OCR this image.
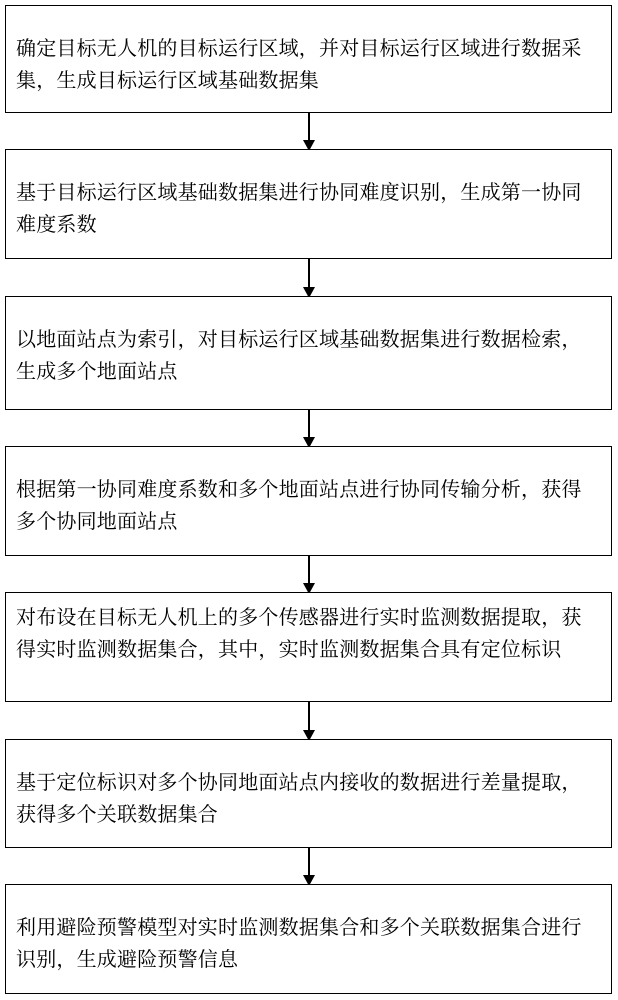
确定目标无人机的目标运行区域，并对目标运行区域进行数据采集，生成目标运行区域基础数据集

基于目标运行区域基础数据集进行协同难度识别，生成第一协同难度系数

以地面站点为索引，对目标运行区域基础数据集进行数据检索，生成多个地面站点

根据第一协同难度系数和多个地面站点进行协同传输分析，获得多个协同地面站点

对布设在目标无人机上的多个传感器进行实时监测数据提取，获得实时监测数据集合，其中，实时监测数据集合具有定位标识

基于定位标识对多个协同地面站点内接收的数据进行差量提取，获得多个关联数据集合

利用避险预警模型对实时监测数据集合和多个关联数据集合进行识别，生成避险预警信息
